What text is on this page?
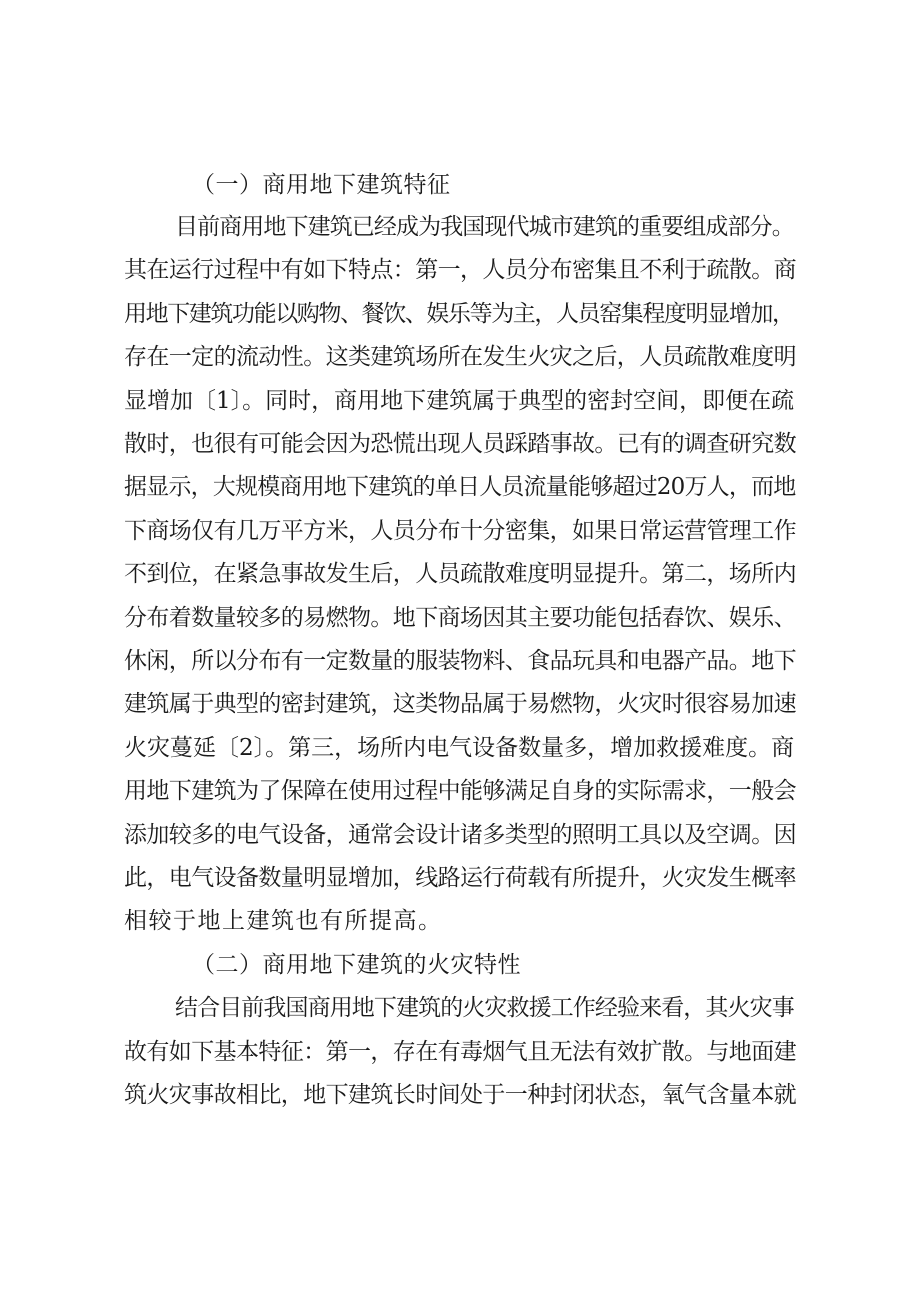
（一）商用地下建筑特征
目前商用地下建筑已经成为我国现代城市建筑的重要组成部分。
其在运行过程中有如下特点：第一，人员分布密集且不利于疏散。商
用地下建筑功能以购物、餐饮、娱乐等为主，人员窑集程度明显增加，
存在一定的流动性。这类建筑场所在发生火灾之后，人员疏散难度明
显增加〔1〕。同时，商用地下建筑属于典型的密封空间，即便在疏
散时，也很有可能会因为恐慌出现人员踩踏事故。已有的调查研究数
据显示，大规模商用地下建筑的单日人员流量能够超过20万人，而地
下商场仅有几万平方米，人员分布十分密集，如果日常运营管理工作
不到位，在紧急事故发生后，人员疏散难度明显提升。第二，场所内
分布着数量较多的易燃物。地下商场因其主要功能包括舂饮、娱乐、
休闲，所以分布有一定数量的服装物料、食品玩具和电器产品。地下
建筑属于典型的密封建筑，这类物品属于易燃物，火灾时很容易加速
火灾蔓延〔2〕。第三，场所内电气设备数量多，增加救援难度。商
用地下建筑为了保障在使用过程中能够满足自身的实际需求，一般会
添加较多的电气设备，通常会设计诸多类型的照明工具以及空调。因
此，电气设备数量明显增加，线路运行荷载有所提升，火灾发生概率
相较于地上建筑也有所提高。
（二）商用地下建筑的火灾特性
结合目前我国商用地下建筑的火灾救援工作经验来看，其火灾事
故有如下基本特征：第一，存在有毒烟气且无法有效扩散。与地面建
筑火灾事故相比，地下建筑长时间处于一种封闭状态，氧气含量本就
